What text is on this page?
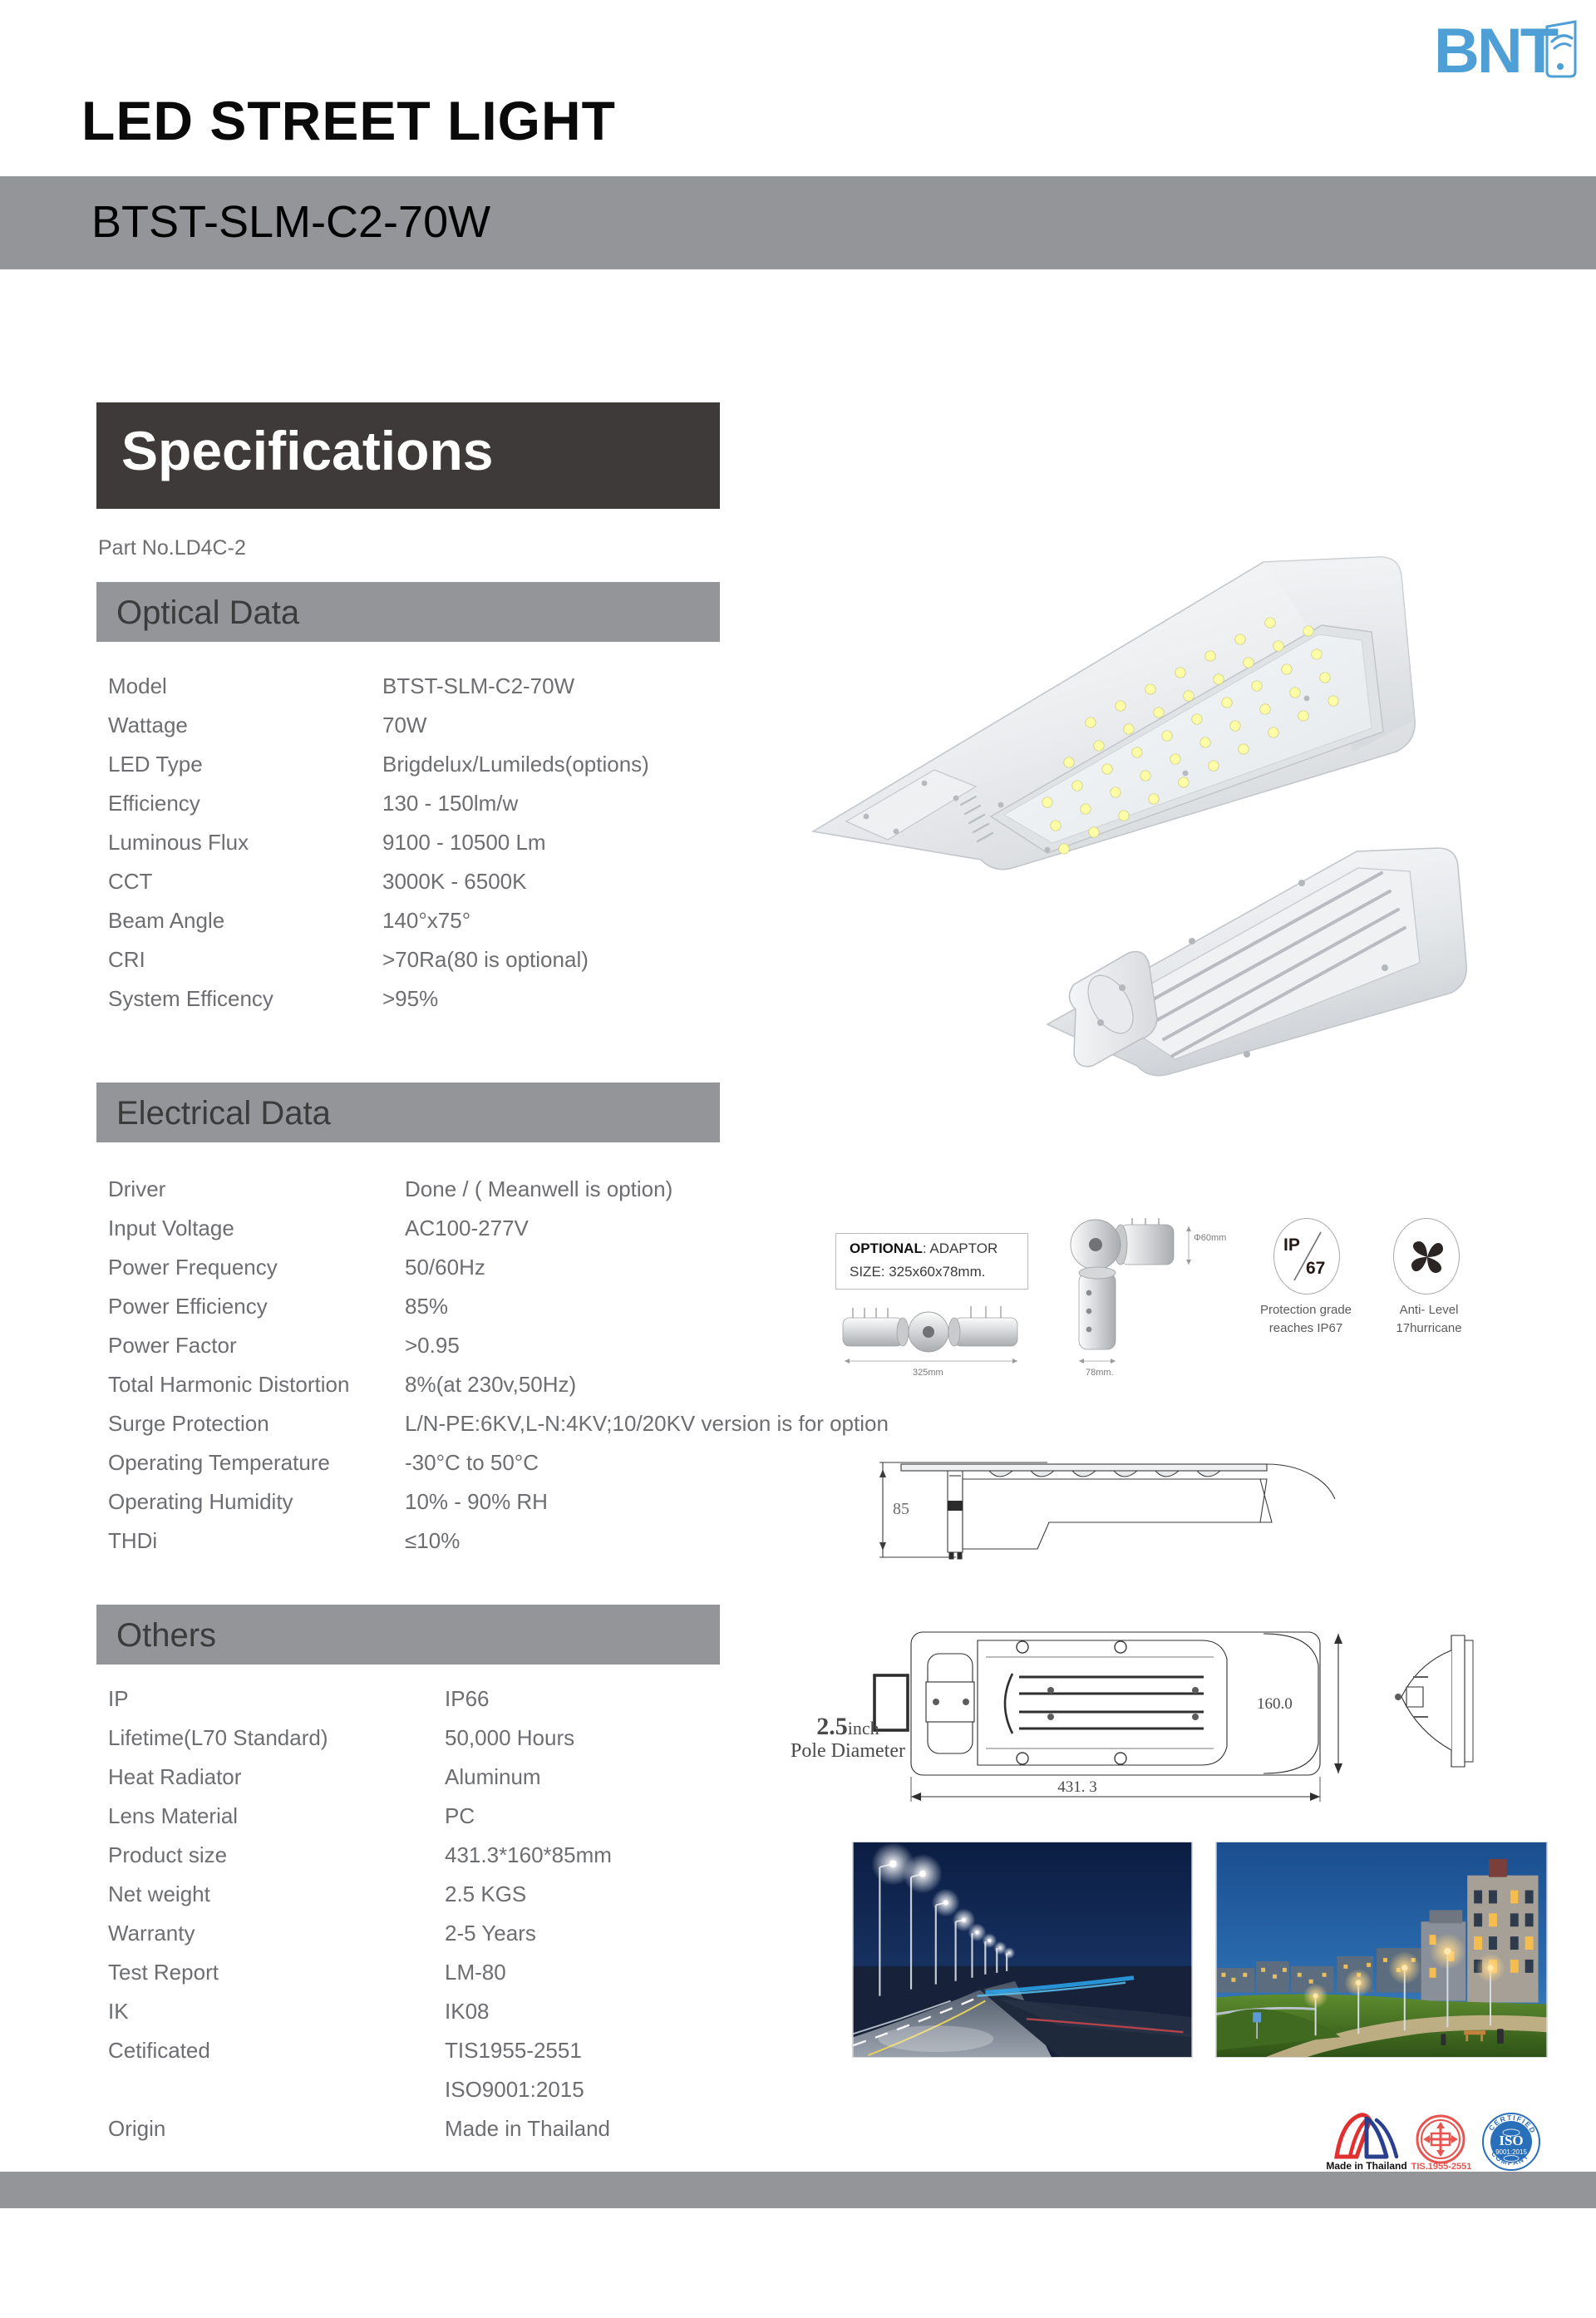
BNT
LED STREET LIGHT
BTST-SLM-C2-70W
Specifications
Part No.LD4C-2
Optical Data
Model	BTST-SLM-C2-70W
Wattage	70W
LED Type	Brigdelux/Lumileds(options)
Efficiency	130 - 150lm/w
Luminous Flux	9100 - 10500 Lm
CCT	3000K - 6500K
Beam Angle	140°x75°
CRI	>70Ra(80 is optional)
System Efficency	>95%
Electrical Data
Driver	Done / ( Meanwell is option)
Input Voltage	AC100-277V
Power Frequency	50/60Hz
Power Efficiency	85%
Power Factor	>0.95
Total Harmonic Distortion	8%(at 230v,50Hz)
Surge Protection	L/N-PE:6KV,L-N:4KV;10/20KV version is for option
Operating Temperature	-30°C to 50°C
Operating Humidity	10% - 90% RH
THDi	≤10%
Others
IP	IP66
Lifetime(L70 Standard)	50,000 Hours
Heat Radiator	Aluminum
Lens Material	PC
Product size	431.3*160*85mm
Net weight	2.5 KGS
Warranty	2-5 Years
Test Report	LM-80
IK	IK08
Cetificated	TIS1955-2551
ISO9001:2015
Origin	Made in Thailand
OPTIONAL: ADAPTOR
SIZE: 325x60x78mm.
325mm
Φ60mm
78mm.
IP
67
Protection grade reaches IP67
Anti- Level 17hurricane
85
160.0
431. 3
2.5inch
Pole Diameter
Made in Thailand TIS.1955-2551
CERTIFIED
COMPANY
ISO
9001:2015
